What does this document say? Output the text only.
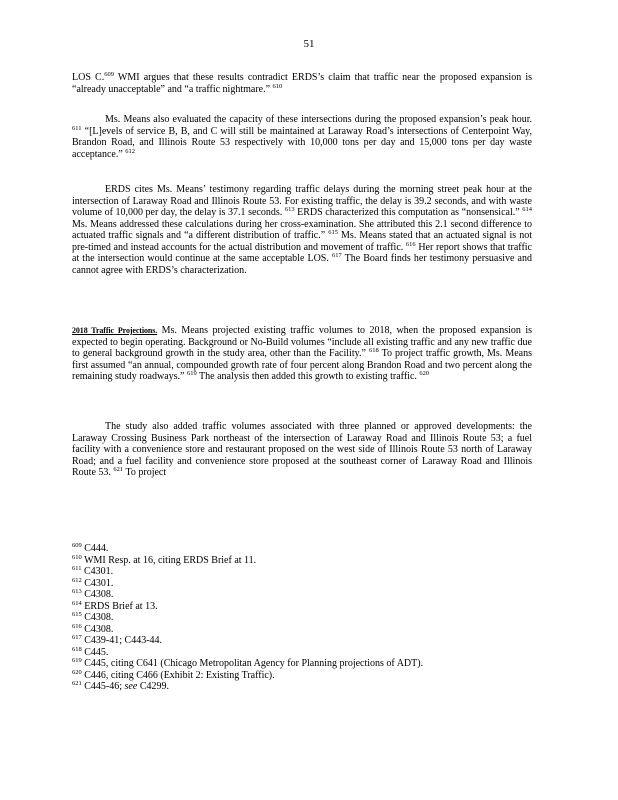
51

LOS C.$^{609}$ WMI argues that these results contradict ERDS’s claim that traffic near the proposed expansion is “already unacceptable” and “a traffic nightmare.” $^{610}$

Ms. Means also evaluated the capacity of these intersections during the proposed expansion’s peak hour. $^{611}$ “[L]evels of service B, B, and C will still be maintained at Laraway Road’s intersections of Centerpoint Way, Brandon Road, and Illinois Route 53 respectively with 10,000 tons per day and 15,000 tons per day waste acceptance.” $^{612}$

ERDS cites Ms. Means’ testimony regarding traffic delays during the morning street peak hour at the intersection of Laraway Road and Illinois Route 53. For existing traffic, the delay is 39.2 seconds, and with waste volume of 10,000 per day, the delay is 37.1 seconds. $^{613}$ ERDS characterized this computation as “nonsensical.” $^{614}$ Ms. Means addressed these calculations during her cross-examination. She attributed this 2.1 second difference to actuated traffic signals and “a different distribution of traffic.” $^{615}$ Ms. Means stated that an actuated signal is not pre-timed and instead accounts for the actual distribution and movement of traffic. $^{616}$ Her report shows that traffic at the intersection would continue at the same acceptable LOS. $^{617}$ The Board finds her testimony persuasive and cannot agree with ERDS’s characterization.

2018 Traffic Projections. Ms. Means projected existing traffic volumes to 2018, when the proposed expansion is expected to begin operating. Background or No-Build volumes “include all existing traffic and any new traffic due to general background growth in the study area, other than the Facility.” $^{618}$ To project traffic growth, Ms. Means first assumed “an annual, compounded growth rate of four percent along Brandon Road and two percent along the remaining study roadways.” $^{619}$ The analysis then added this growth to existing traffic. $^{620}$

The study also added traffic volumes associated with three planned or approved developments: the Laraway Crossing Business Park northeast of the intersection of Laraway Road and Illinois Route 53; a fuel facility with a convenience store and restaurant proposed on the west side of Illinois Route 53 north of Laraway Road; and a fuel facility and convenience store proposed at the southeast corner of Laraway Road and Illinois Route 53. $^{621}$ To project

$^{609}$ C444.
$^{610}$ WMI Resp. at 16, citing ERDS Brief at 11.
$^{611}$ C4301.
$^{612}$ C4301.
$^{613}$ C4308.
$^{614}$ ERDS Brief at 13.
$^{615}$ C4308.
$^{616}$ C4308.
$^{617}$ C439-41; C443-44.
$^{618}$ C445.
$^{619}$ C445, citing C641 (Chicago Metropolitan Agency for Planning projections of ADT).
$^{620}$ C446, citing C466 (Exhibit 2: Existing Traffic).
$^{621}$ C445-46; see C4299.
